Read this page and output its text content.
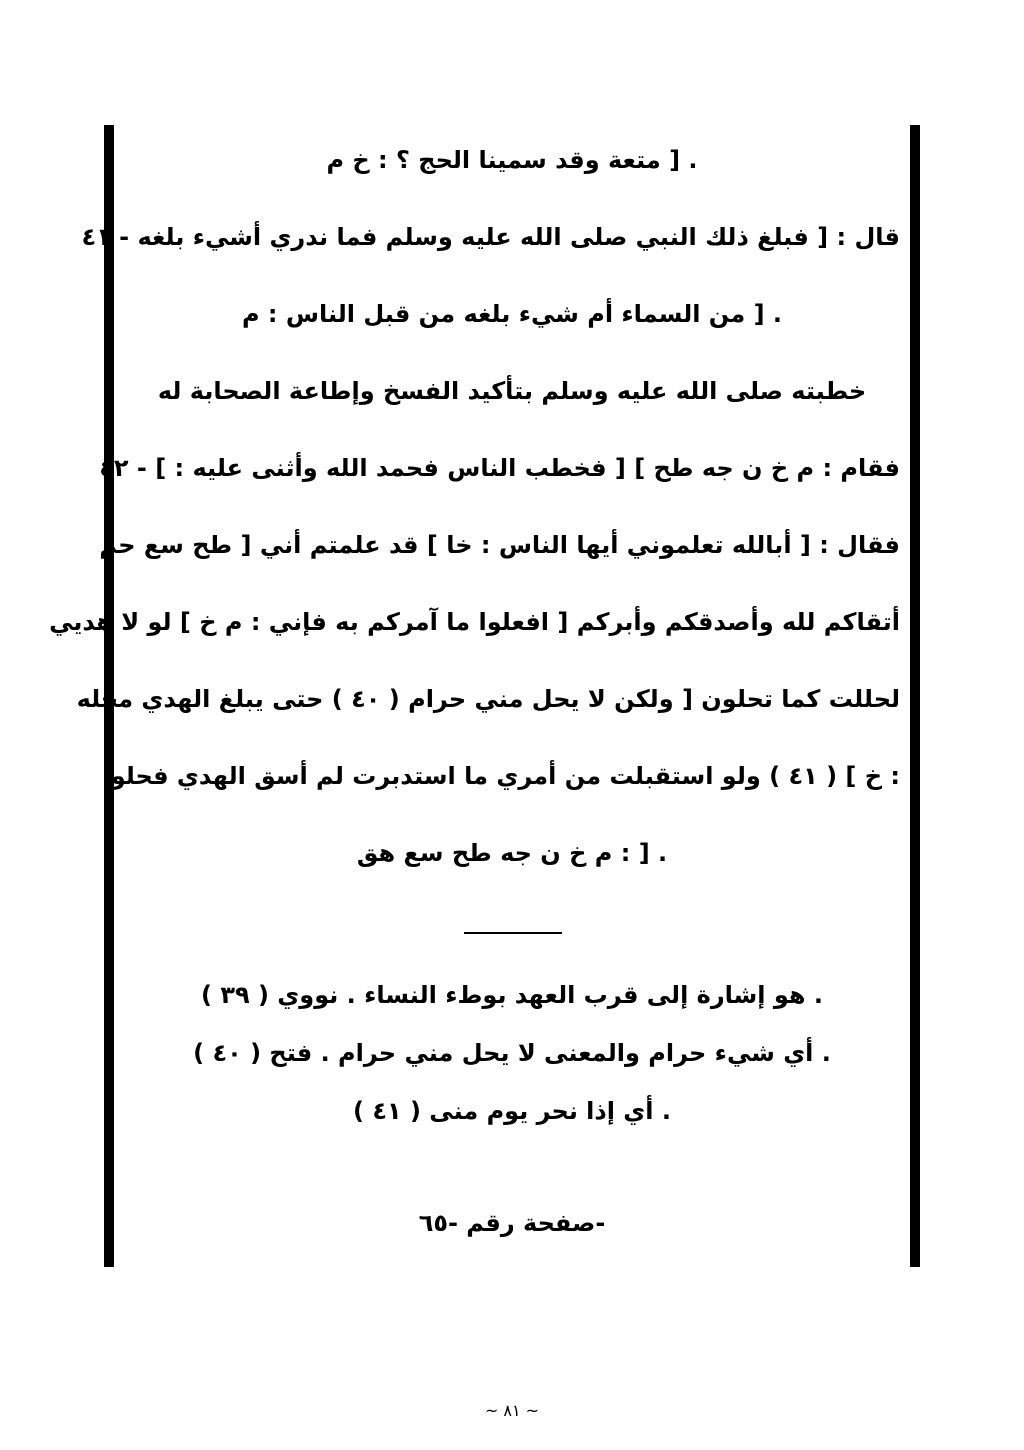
. [ متعة وقد سمينا الحج ؟ : خ م
قال : [ فبلغ ذلك النبي صلى الله عليه وسلم فما ندري أشيء بلغه - ٤١
. [ من السماء أم شيء بلغه من قبل الناس : م
خطبته صلى الله عليه وسلم بتأكيد الفسخ وإطاعة الصحابة له
فقام : م خ ن جه طح ] [ فخطب الناس فحمد الله وأثنى عليه : ] - ٤٢
فقال : [ أبالله تعلموني أيها الناس : خا ] قد علمتم أني [ طح سع حم
أتقاكم لله وأصدقكم وأبركم [ افعلوا ما آمركم به فإني : م خ ] لو لا هديي
لحللت كما تحلون [ ولكن لا يحل مني حرام ( ٤٠ ) حتى يبلغ الهدي محله
: خ ] ( ٤١ ) ولو استقبلت من أمري ما استدبرت لم أسق الهدي فحلوا
. [ : م خ ن جه طح سع هق
. هو إشارة إلى قرب العهد بوطء النساء . نووي ( ٣٩ )
. أي شيء حرام والمعنى لا يحل مني حرام . فتح ( ٤٠ )
. أي إذا نحر يوم منى ( ٤١ )
-صفحة رقم -٦٥
~ ٨١ ~
